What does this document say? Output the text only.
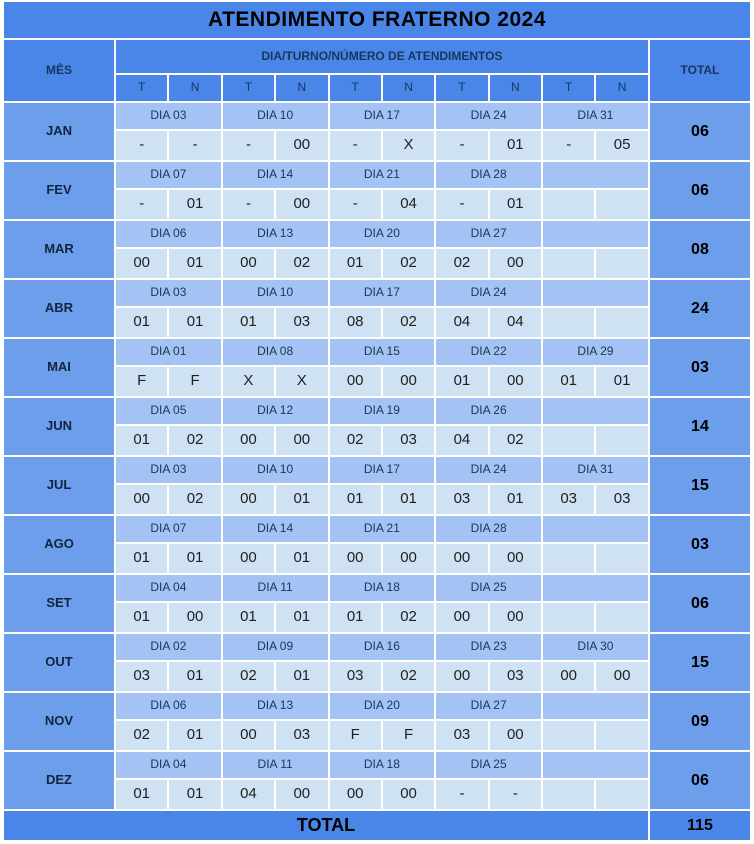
ATENDIMENTO FRATERNO 2024											
MÊS	DIA/TURNO/NÚMERO DE ATENDIMENTOS										TOTAL
	T	N	T	N	T	N	T	N	T	N	
JAN	DIA 03		DIA 10		DIA 17		DIA 24		DIA 31		06
	-	-	-	00	-	X	-	01	-	05	
FEV	DIA 07		DIA 14		DIA 21		DIA 28				06
	-	01	-	00	-	04	-	01			
MAR	DIA 06		DIA 13		DIA 20		DIA 27				08
	00	01	00	02	01	02	02	00			
ABR	DIA 03		DIA 10		DIA 17		DIA 24				24
	01	01	01	03	08	02	04	04			
MAI	DIA 01		DIA 08		DIA 15		DIA 22		DIA 29		03
	F	F	X	X	00	00	01	00	01	01	
JUN	DIA 05		DIA 12		DIA 19		DIA 26				14
	01	02	00	00	02	03	04	02			
JUL	DIA 03		DIA 10		DIA 17		DIA 24		DIA 31		15
	00	02	00	01	01	01	03	01	03	03	
AGO	DIA 07		DIA 14		DIA 21		DIA 28				03
	01	01	00	01	00	00	00	00			
SET	DIA 04		DIA 11		DIA 18		DIA 25				06
	01	00	01	01	01	02	00	00			
OUT	DIA 02		DIA 09		DIA 16		DIA 23		DIA 30		15
	03	01	02	01	03	02	00	03	00	00	
NOV	DIA 06		DIA 13		DIA 20		DIA 27				09
	02	01	00	03	F	F	03	00			
DEZ	DIA 04		DIA 11		DIA 18		DIA 25				06
	01	01	04	00	00	00	-	-			
TOTAL											115
